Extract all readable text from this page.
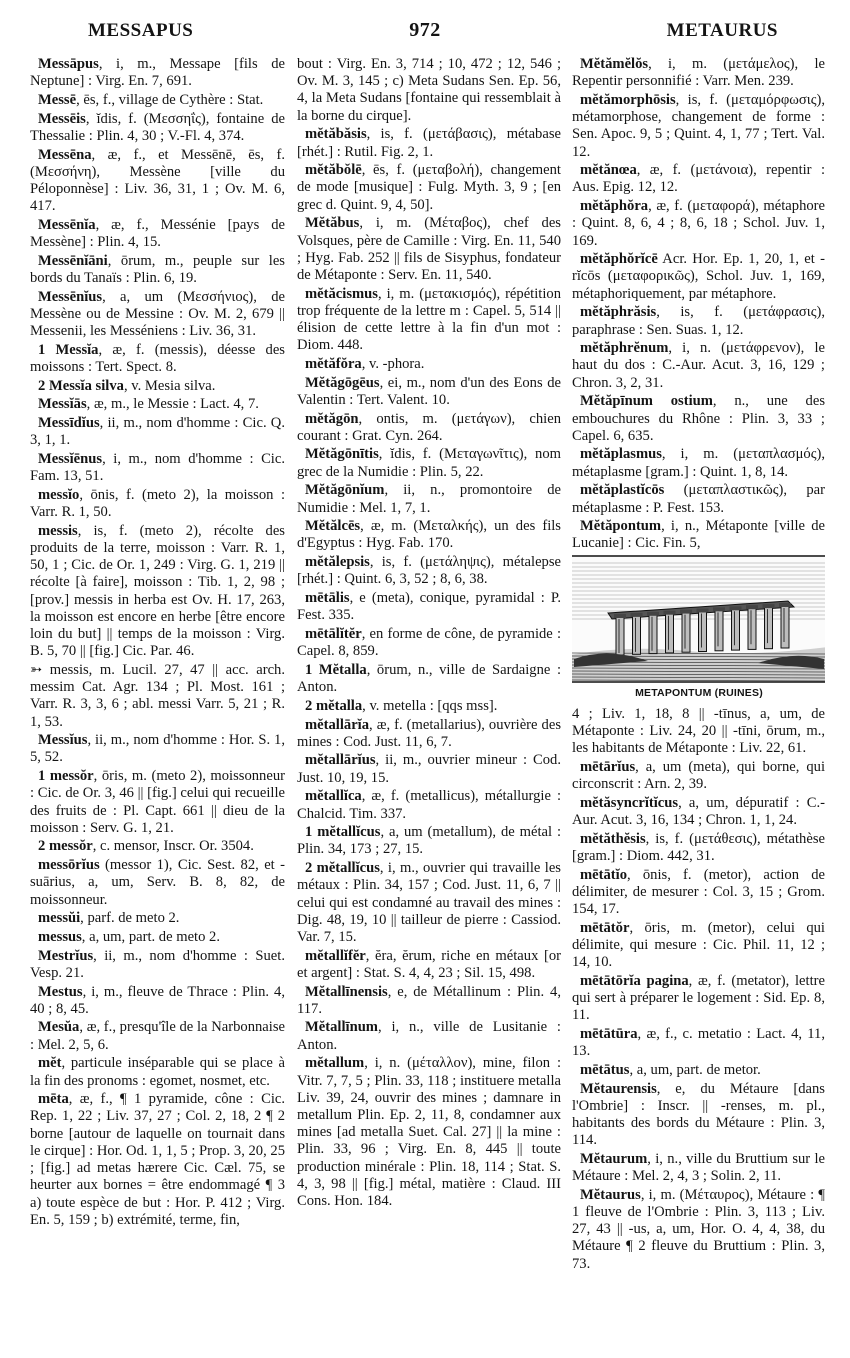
MESSAPUS	972	METAURUS

Messāpus, i, m., Messape [fils de Neptune] : Virg. En. 7, 691.

Messē, ēs, f., village de Cythère : Stat.

Messēis, ĭdis, f. (Μεσσηΐς), fontaine de Thessalie : Plin. 4, 30 ; V.-Fl. 4, 374.

Messēna, æ, f., et Messēnē, ēs, f. (Μεσσήνη), Messène [ville du Péloponnèse] : Liv. 36, 31, 1 ; Ov. M. 6, 417.

Messēnĭa, æ, f., Messénie [pays de Messène] : Plin. 4, 15.

Messēnĭāni, ōrum, m., peuple sur les bords du Tanaïs : Plin. 6, 19.

Messēnĭus, a, um (Μεσσήνιος), de Messène ou de Messine : Ov. M. 2, 679 || Messenii, les Messéniens : Liv. 36, 31.

1 Messĭa, æ, f. (messis), déesse des moissons : Tert. Spect. 8.

2 Messĭa silva, v. Mesia silva.

Messĭās, æ, m., le Messie : Lact. 4, 7.

Messīdĭus, ii, m., nom d'homme : Cic. Q. 3, 1, 1.

Messĭēnus, i, m., nom d'homme : Cic. Fam. 13, 51.

messĭo, ōnis, f. (meto 2), la moisson : Varr. R. 1, 50.

messis, is, f. (meto 2), récolte des produits de la terre, moisson : Varr. R. 1, 50, 1 ; Cic. de Or. 1, 249 : Virg. G. 1, 219 || récolte [à faire], moisson : Tib. 1, 2, 98 ; [prov.] messis in herba est Ov. H. 17, 263, la moisson est encore en herbe [être encore loin du but] || temps de la moisson : Virg. B. 5, 70 || [fig.] Cic. Par. 46.

➳ messis, m. Lucil. 27, 47 || acc. arch. messim Cat. Agr. 134 ; Pl. Most. 161 ; Varr. R. 3, 3, 6 ; abl. messi Varr. 5, 21 ; R. 1, 53.

Messĭus, ii, m., nom d'homme : Hor. S. 1, 5, 52.

1 messŏr, ōris, m. (meto 2), moissonneur : Cic. de Or. 3, 46 || [fig.] celui qui recueille des fruits de : Pl. Capt. 661 || dieu de la moisson : Serv. G. 1, 21.

2 messŏr, c. mensor, Inscr. Or. 3504.

messōrĭus (messor 1), Cic. Sest. 82, et -suārius, a, um, Serv. B. 8, 82, de moissonneur.

messŭi, parf. de meto 2.

messus, a, um, part. de meto 2.

Mestrĭus, ii, m., nom d'homme : Suet. Vesp. 21.

Mestus, i, m., fleuve de Thrace : Plin. 4, 40 ; 8, 45.

Mesŭa, æ, f., presqu'île de la Narbonnaise : Mel. 2, 5, 6.

mĕt, particule inséparable qui se place à la fin des pronoms : egomet, nosmet, etc.

mēta, æ, f., ¶ 1 pyramide, cône : Cic. Rep. 1, 22 ; Liv. 37, 27 ; Col. 2, 18, 2 ¶ 2 borne [autour de laquelle on tournait dans le cirque] : Hor. Od. 1, 1, 5 ; Prop. 3, 20, 25 ; [fig.] ad metas hærere Cic. Cæl. 75, se heurter aux bornes = être endommagé ¶ 3 a) toute espèce de but : Hor. P. 412 ; Virg. En. 5, 159 ; b) extrémité, terme, fin,

bout : Virg. En. 3, 714 ; 10, 472 ; 12, 546 ; Ov. M. 3, 145 ; c) Meta Sudans Sen. Ep. 56, 4, la Meta Sudans [fontaine qui ressemblait à la borne du cirque].

mĕtăbăsis, is, f. (μετάβασις), métabase [rhét.] : Rutil. Fig. 2, 1.

mĕtăbŏlē, ēs, f. (μεταβολή), changement de mode [musique] : Fulg. Myth. 3, 9 ; [en grec d. Quint. 9, 4, 50].

Mĕtăbus, i, m. (Μέταβος), chef des Volsques, père de Camille : Virg. En. 11, 540 ; Hyg. Fab. 252 || fils de Sisyphus, fondateur de Métaponte : Serv. En. 11, 540.

mĕtăcismus, i, m. (μετακισμός), répétition trop fréquente de la lettre m : Capel. 5, 514 || élision de cette lettre à la fin d'un mot : Diom. 448.

mĕtăfŏra, v. -phora.

Mĕtăgōgēus, ei, m., nom d'un des Eons de Valentin : Tert. Valent. 10.

mĕtăgōn, ontis, m. (μετάγων), chien courant : Grat. Cyn. 264.

Mĕtăgōnītis, ĭdis, f. (Μεταγωνῖτις), nom grec de la Numidie : Plin. 5, 22.

Mĕtăgōnĭum, ii, n., promontoire de Numidie : Mel. 1, 7, 1.

Mĕtălcēs, æ, m. (Μεταλκής), un des fils d'Egyptus : Hyg. Fab. 170.

mĕtălepsis, is, f. (μετάληψις), métalepse [rhét.] : Quint. 6, 3, 52 ; 8, 6, 38.

mētālis, e (meta), conique, pyramidal : P. Fest. 335.

mētālĭtĕr, en forme de cône, de pyramide : Capel. 8, 859.

1 Mĕtalla, ōrum, n., ville de Sardaigne : Anton.

2 mĕtalla, v. metella : [qqs mss].

mĕtallārĭa, æ, f. (metallarius), ouvrière des mines : Cod. Just. 11, 6, 7.

mĕtallārĭus, ii, m., ouvrier mineur : Cod. Just. 10, 19, 15.

mĕtallĭca, æ, f. (metallicus), métallurgie : Chalcid. Tim. 337.

1 mĕtallĭcus, a, um (metallum), de métal : Plin. 34, 173 ; 27, 15.

2 mĕtallĭcus, i, m., ouvrier qui travaille les métaux : Plin. 34, 157 ; Cod. Just. 11, 6, 7 || celui qui est condamné au travail des mines : Dig. 48, 19, 10 || tailleur de pierre : Cassiod. Var. 7, 15.

mĕtallĭfĕr, ĕra, ĕrum, riche en métaux [or et argent] : Stat. S. 4, 4, 23 ; Sil. 15, 498.

Mĕtallīnensis, e, de Métallinum : Plin. 4, 117.

Mĕtallīnum, i, n., ville de Lusitanie : Anton.

mĕtallum, i, n. (μέταλλον), mine, filon : Vitr. 7, 7, 5 ; Plin. 33, 118 ; instituere metalla Liv. 39, 24, ouvrir des mines ; damnare in metallum Plin. Ep. 2, 11, 8, condamner aux mines [ad metalla Suet. Cal. 27] || la mine : Plin. 33, 96 ; Virg. En. 8, 445 || toute production minérale : Plin. 18, 114 ; Stat. S. 4, 3, 98 || [fig.] métal, matière : Claud. III Cons. Hon. 184.

Mĕtămĕlŏs, i, m. (μετάμελος), le Repentir personnifié : Varr. Men. 239.

mĕtămorphōsis, is, f. (μεταμόρφωσις), métamorphose, changement de forme : Sen. Apoc. 9, 5 ; Quint. 4, 1, 77 ; Tert. Val. 12.

mĕtănœa, æ, f. (μετάνοια), repentir : Aus. Epig. 12, 12.

mĕtăphŏra, æ, f. (μεταφορά), métaphore : Quint. 8, 6, 4 ; 8, 6, 18 ; Schol. Juv. 1, 169.

mĕtăphŏrĭcē Acr. Hor. Ep. 1, 20, 1, et -rĭcōs (μεταφορικῶς), Schol. Juv. 1, 169, métaphoriquement, par métaphore.

mĕtăphrăsis, is, f. (μετάφρασις), paraphrase : Sen. Suas. 1, 12.

mĕtăphrĕnum, i, n. (μετάφρενον), le haut du dos : C.-Aur. Acut. 3, 16, 129 ; Chron. 3, 2, 31.

Mĕtăpīnum ostium, n., une des embouchures du Rhône : Plin. 3, 33 ; Capel. 6, 635.

mĕtăplasmus, i, m. (μεταπλασμός), métaplasme [gram.] : Quint. 1, 8, 14.

mĕtăplastĭcōs (μεταπλαστικῶς), par métaplasme : P. Fest. 153.

Mĕtăpontum, i, n., Métaponte [ville de Lucanie] : Cic. Fin. 5,

METAPONTUM (RUINES)

4 ; Liv. 1, 18, 8 || -tīnus, a, um, de Métaponte : Liv. 24, 20 || -tīni, ōrum, m., les habitants de Métaponte : Liv. 22, 61.

mētārĭus, a, um (meta), qui borne, qui circonscrit : Arn. 2, 39.

mĕtăsyncrĭtĭcus, a, um, dépuratif : C.-Aur. Acut. 3, 16, 134 ; Chron. 1, 1, 24.

mĕtăthĕsis, is, f. (μετάθεσις), métathèse [gram.] : Diom. 442, 31.

mētātĭo, ōnis, f. (metor), action de délimiter, de mesurer : Col. 3, 15 ; Grom. 154, 17.

mētātŏr, ōris, m. (metor), celui qui délimite, qui mesure : Cic. Phil. 11, 12 ; 14, 10.

mētātōrĭa pagina, æ, f. (metator), lettre qui sert à préparer le logement : Sid. Ep. 8, 11.

mētātūra, æ, f., c. metatio : Lact. 4, 11, 13.

mētātus, a, um, part. de metor.

Mĕtaurensis, e, du Métaure [dans l'Ombrie] : Inscr. || -renses, m. pl., habitants des bords du Métaure : Plin. 3, 114.

Mĕtaurum, i, n., ville du Bruttium sur le Métaure : Mel. 2, 4, 3 ; Solin. 2, 11.

Mĕtaurus, i, m. (Μέταυρος), Métaure : ¶ 1 fleuve de l'Ombrie : Plin. 3, 113 ; Liv. 27, 43 || -us, a, um, Hor. O. 4, 4, 38, du Métaure ¶ 2 fleuve du Bruttium : Plin. 3, 73.
